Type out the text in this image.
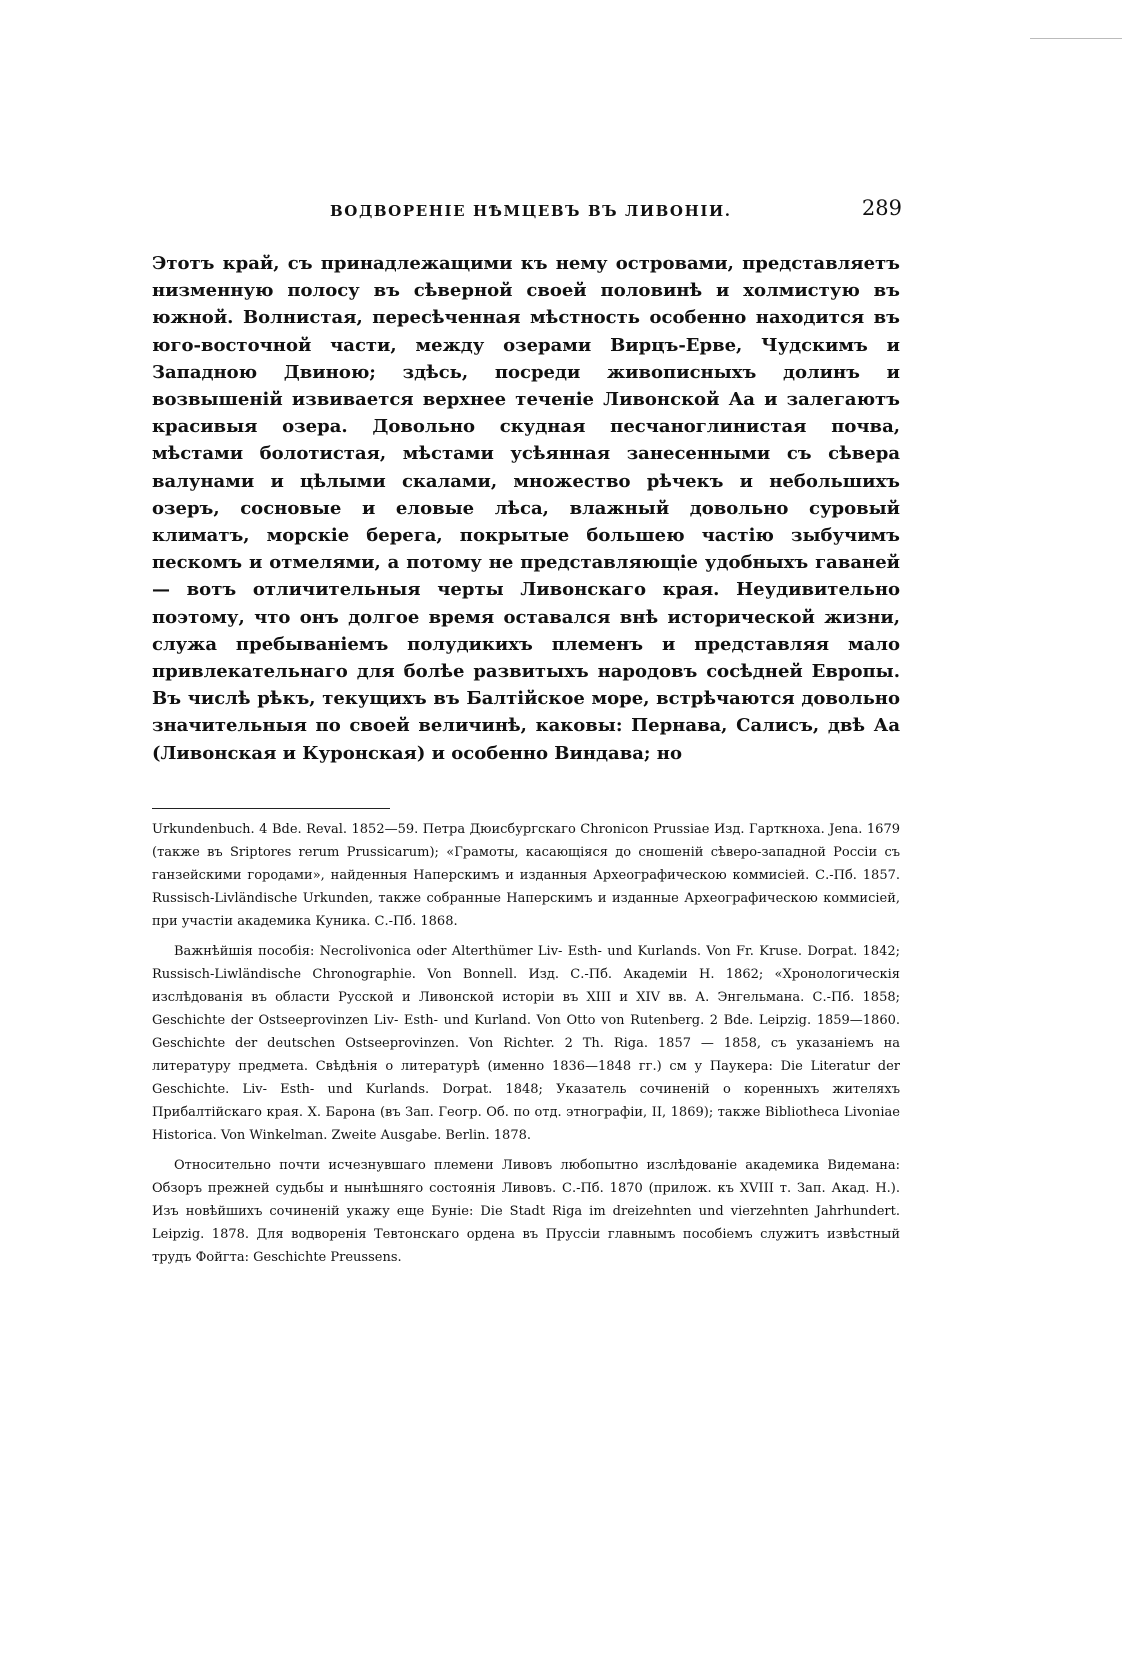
ВОДВОРЕНІЕ НѢМЦЕВЪ ВЪ ЛИВОНІИ.	289

Этотъ край, съ принадлежащими къ нему островами, представляетъ низменную полосу въ сѣверной своей половинѣ и холмистую въ южной. Волнистая, пересѣченная мѣстность особенно находится въ юго-восточной части, между озерами Вирцъ-Ерве, Чудскимъ и Западною Двиною; здѣсь, посреди живописныхъ долинъ и возвышеній извивается верхнее теченіе Ливонской Аа и залегаютъ красивыя озера. Довольно скудная песчаноглинистая почва, мѣстами болотистая, мѣстами усѣянная занесенными съ сѣвера валунами и цѣлыми скалами, множество рѣчекъ и небольшихъ озеръ, сосновые и еловые лѣса, влажный довольно суровый климатъ, морскіе берега, покрытые большею частію зыбучимъ пескомъ и отмелями, а потому не представляющіе удобныхъ гаваней — вотъ отличительныя черты Ливонскаго края. Неудивительно поэтому, что онъ долгое время оставался внѣ исторической жизни, служа пребываніемъ полудикихъ племенъ и представляя мало привлекательнаго для болѣе развитыхъ народовъ сосѣдней Европы. Въ числѣ рѣкъ, текущихъ въ Балтійское море, встрѣчаются довольно значительныя по своей величинѣ, каковы: Пернава, Салисъ, двѣ Аа (Ливонская и Куронская) и особенно Виндава; но

Urkundenbuch. 4 Bde. Reval. 1852—59. Петра Дюисбургскаго Chronicon Prussiae Изд. Гарткноха. Jena. 1679 (также въ Sriptores rerum Prussicarum); «Грамоты, касающіяся до сношеній сѣверо-западной Россіи съ ганзейскими городами», найденныя Наперскимъ и изданныя Археографическою коммисіей. С.-Пб. 1857. Russisch-Livländische Urkunden, также собранные Наперскимъ и изданные Археографическою коммисіей, при участіи академика Куника. С.-Пб. 1868.

Важнѣйшія пособія: Necrolivonica oder Alterthümer Liv- Esth- und Kurlands. Von Fr. Kruse. Dorpat. 1842; Russisch-Liwländische Chronographie. Von Bonnell. Изд. С.-Пб. Академіи Н. 1862; «Хронологическія изслѣдованія въ области Русской и Ливонской исторіи въ XIII и XIV вв. А. Энгельмана. С.-Пб. 1858; Geschichte der Ostseeprovinzen Liv- Esth- und Kurland. Von Otto von Rutenberg. 2 Bde. Leipzig. 1859—1860. Geschichte der deutschen Ostseeprovinzen. Von Richter. 2 Th. Riga. 1857 — 1858, съ указаніемъ на литературу предмета. Свѣдѣнія о литературѣ (именно 1836—1848 гг.) см у Паукера: Die Literatur der Geschichte. Liv- Esth- und Kurlands. Dorpat. 1848; Указатель сочиненій о коренныхъ жителяхъ Прибалтійскаго края. Х. Барона (въ Зап. Геогр. Об. по отд. этнографіи, II, 1869); также Bibliotheca Livoniae Historica. Von Winkelman. Zweite Ausgabe. Berlin. 1878.

Относительно почти исчезнувшаго племени Ливовъ любопытно изслѣдованіе академика Видемана: Обзоръ прежней судьбы и нынѣшняго состоянія Ливовъ. С.-Пб. 1870 (прилож. къ XVIII т. Зап. Акад. Н.). Изъ новѣйшихъ сочиненій укажу еще Буніе: Die Stadt Riga im dreizehnten und vierzehnten Jahrhundert. Leipzig. 1878. Для водворенія Тевтонскаго ордена въ Пруссіи главнымъ пособіемъ служитъ извѣстный трудъ Фойгта: Geschichte Preussens.
